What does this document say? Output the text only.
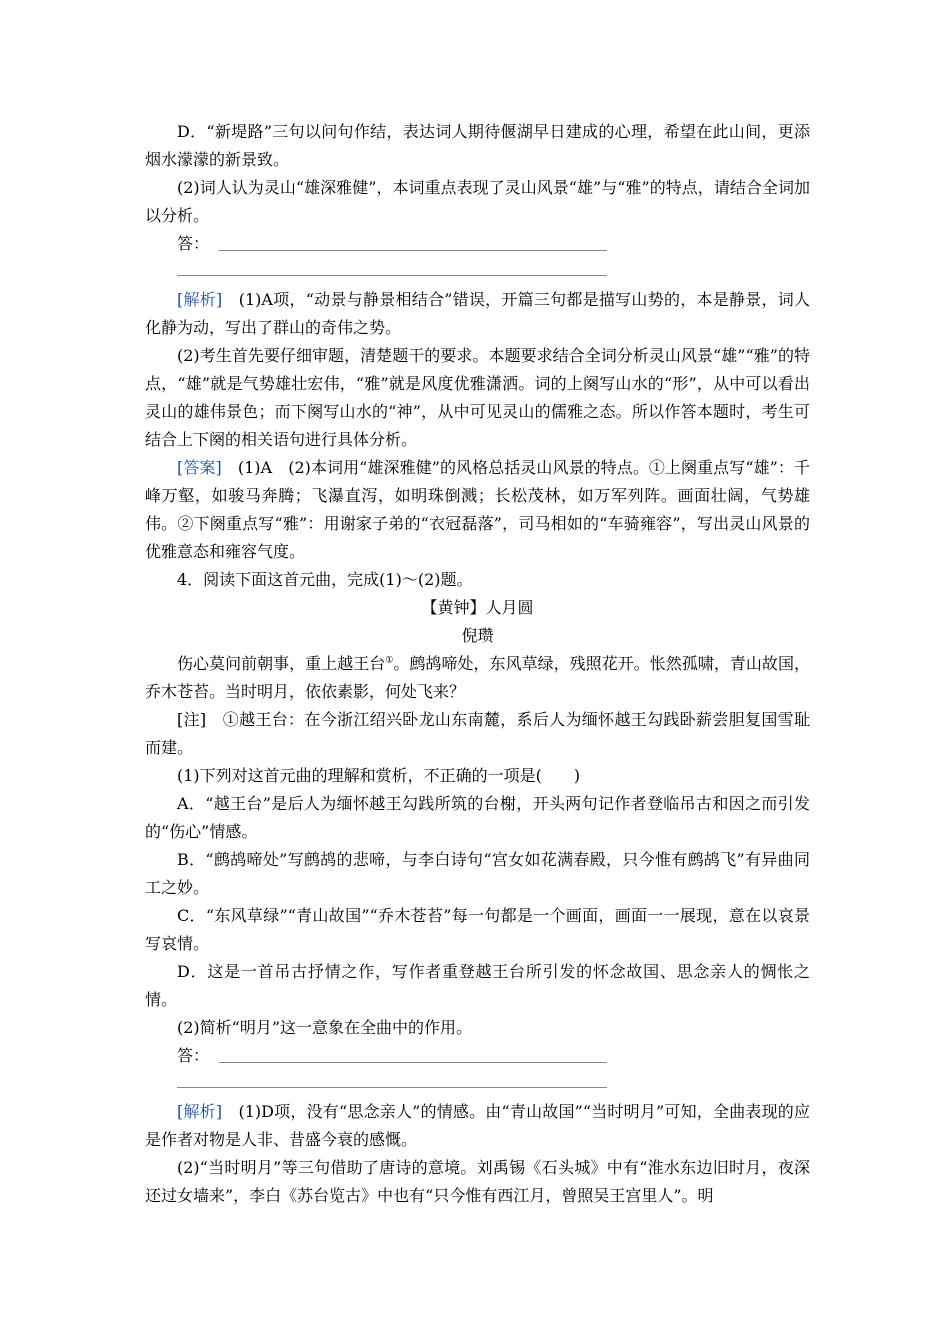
D．“新堤路”三句以问句作结，表达词人期待偃湖早日建成的心理，希望在此山间，更添烟水濛濛的新景致。

(2)词人认为灵山“雄深雅健”，本词重点表现了灵山风景“雄”与“雅”的特点，请结合全词加以分析。

答：

[解析]　(1)A项，“动景与静景相结合”错误，开篇三句都是描写山势的，本是静景，词人化静为动，写出了群山的奇伟之势。

(2)考生首先要仔细审题，清楚题干的要求。本题要求结合全词分析灵山风景“雄”“雅”的特点，“雄”就是气势雄壮宏伟，“雅”就是风度优雅潇洒。词的上阕写山水的“形”，从中可以看出灵山的雄伟景色；而下阕写山水的“神”，从中可见灵山的儒雅之态。所以作答本题时，考生可结合上下阕的相关语句进行具体分析。

[答案]　(1)A　(2)本词用“雄深雅健”的风格总括灵山风景的特点。①上阕重点写“雄”：千峰万壑，如骏马奔腾；飞瀑直泻，如明珠倒溅；长松茂林，如万军列阵。画面壮阔，气势雄伟。②下阕重点写“雅”：用谢家子弟的“衣冠磊落”，司马相如的“车骑雍容”，写出灵山风景的优雅意态和雍容气度。

4．阅读下面这首元曲，完成(1)～(2)题。

【黄钟】人月圆

倪瓒

伤心莫问前朝事，重上越王台①。鹧鸪啼处，东风草绿，残照花开。怅然孤啸，青山故国，乔木苍苔。当时明月，依依素影，何处飞来？

[注]　①越王台：在今浙江绍兴卧龙山东南麓，系后人为缅怀越王勾践卧薪尝胆复国雪耻而建。

(1)下列对这首元曲的理解和赏析，不正确的一项是(　　)

A．“越王台”是后人为缅怀越王勾践所筑的台榭，开头两句记作者登临吊古和因之而引发的“伤心”情感。

B．“鹧鸪啼处”写鹧鸪的悲啼，与李白诗句“宫女如花满春殿，只今惟有鹧鸪飞”有异曲同工之妙。

C．“东风草绿”“青山故国”“乔木苍苔”每一句都是一个画面，画面一一展现，意在以哀景写哀情。

D．这是一首吊古抒情之作，写作者重登越王台所引发的怀念故国、思念亲人的惆怅之情。

(2)简析“明月”这一意象在全曲中的作用。

答：

[解析]　(1)D项，没有“思念亲人”的情感。由“青山故国”“当时明月”可知，全曲表现的应是作者对物是人非、昔盛今衰的感慨。

(2)“当时明月”等三句借助了唐诗的意境。刘禹锡《石头城》中有“淮水东边旧时月，夜深还过女墙来”，李白《苏台览古》中也有“只今惟有西江月，曾照吴王宫里人”。明
